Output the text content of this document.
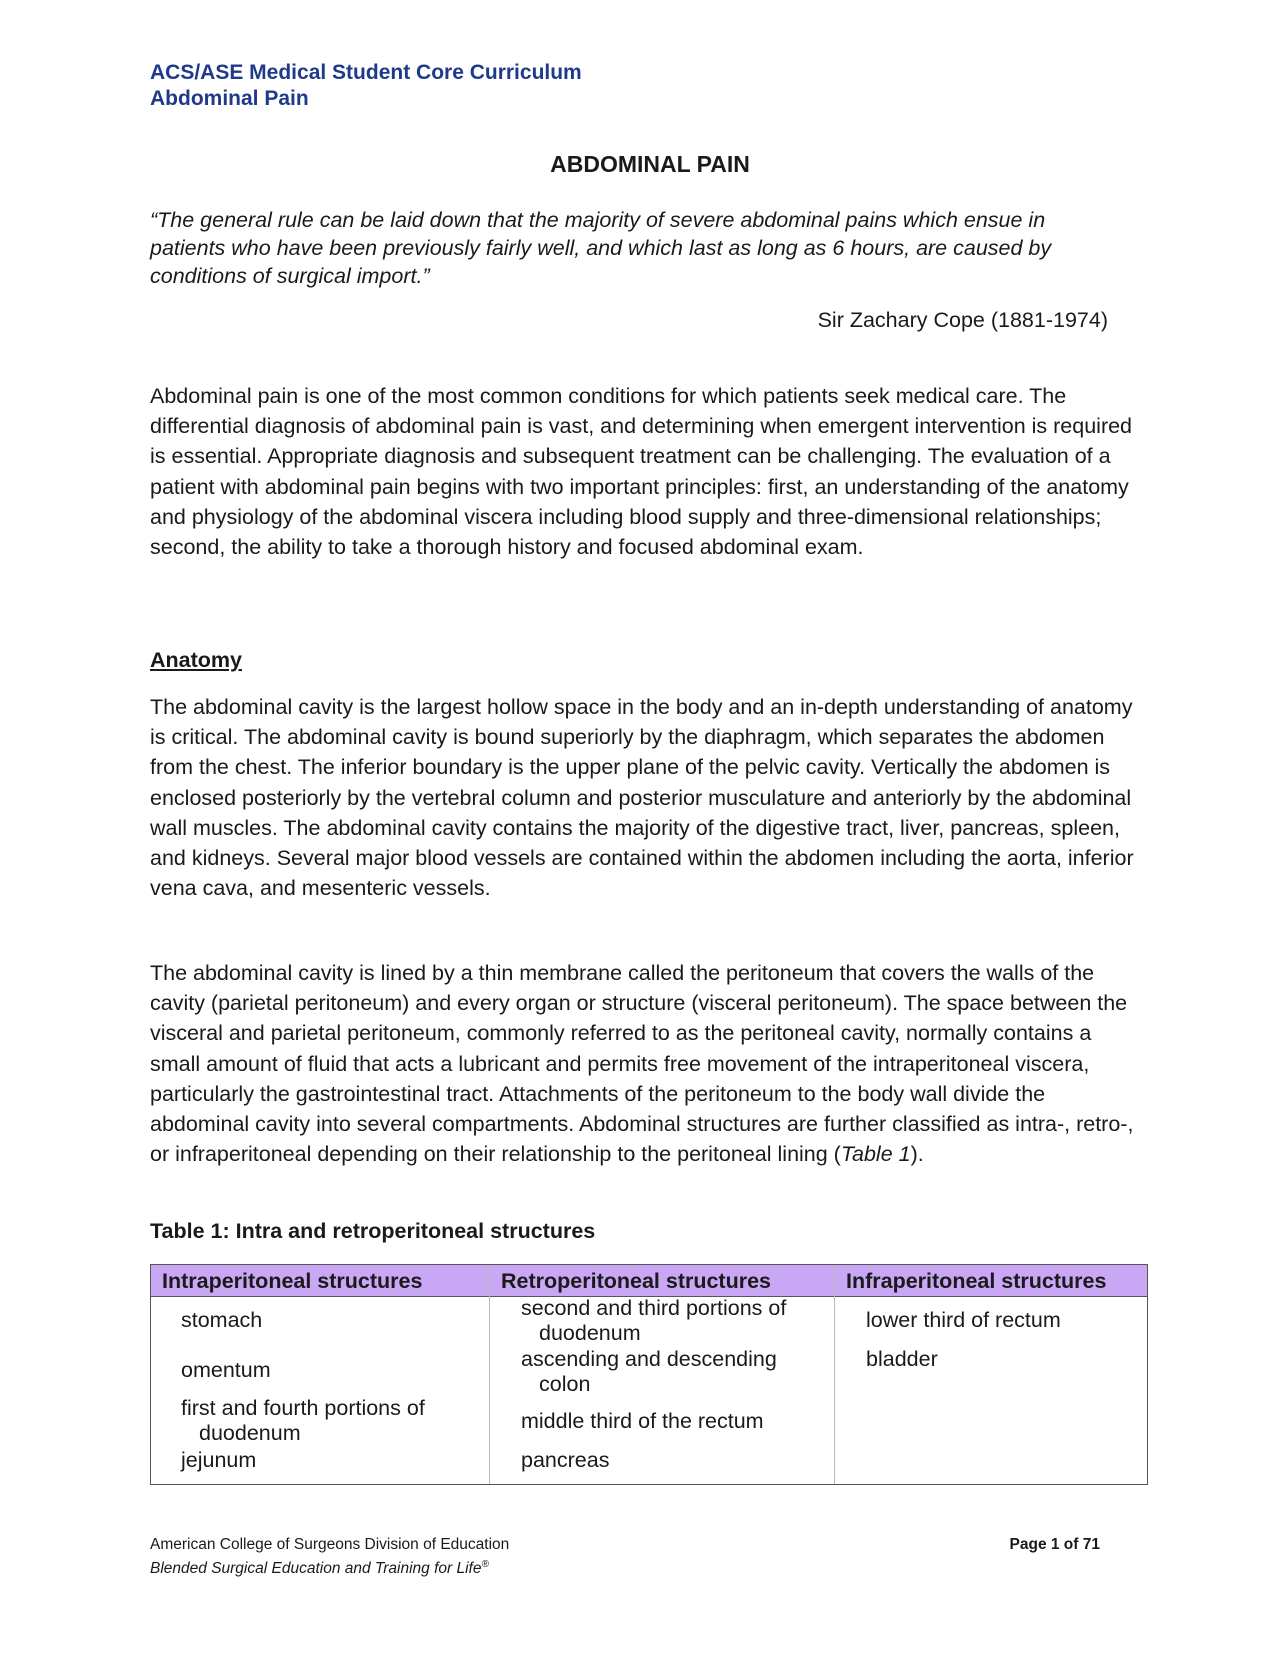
ACS/ASE Medical Student Core Curriculum
Abdominal Pain
ABDOMINAL PAIN
“The general rule can be laid down that the majority of severe abdominal pains which ensue in patients who have been previously fairly well, and which last as long as 6 hours, are caused by conditions of surgical import.”
Sir Zachary Cope (1881-1974)

Abdominal pain is one of the most common conditions for which patients seek medical care. The differential diagnosis of abdominal pain is vast, and determining when emergent intervention is required is essential. Appropriate diagnosis and subsequent treatment can be challenging. The evaluation of a patient with abdominal pain begins with two important principles: first, an understanding of the anatomy and physiology of the abdominal viscera including blood supply and three-dimensional relationships; second, the ability to take a thorough history and focused abdominal exam.

Anatomy

The abdominal cavity is the largest hollow space in the body and an in-depth understanding of anatomy is critical. The abdominal cavity is bound superiorly by the diaphragm, which separates the abdomen from the chest. The inferior boundary is the upper plane of the pelvic cavity. Vertically the abdomen is enclosed posteriorly by the vertebral column and posterior musculature and anteriorly by the abdominal wall muscles. The abdominal cavity contains the majority of the digestive tract, liver, pancreas, spleen, and kidneys. Several major blood vessels are contained within the abdomen including the aorta, inferior vena cava, and mesenteric vessels.

The abdominal cavity is lined by a thin membrane called the peritoneum that covers the walls of the cavity (parietal peritoneum) and every organ or structure (visceral peritoneum). The space between the visceral and parietal peritoneum, commonly referred to as the peritoneal cavity, normally contains a small amount of fluid that acts a lubricant and permits free movement of the intraperitoneal viscera, particularly the gastrointestinal tract. Attachments of the peritoneum to the body wall divide the abdominal cavity into several compartments. Abdominal structures are further classified as intra-, retro-, or infraperitoneal depending on their relationship to the peritoneal lining (Table 1).

Table 1: Intra and retroperitoneal structures
Intraperitoneal structures	Retroperitoneal structures	Infraperitoneal structures
stomach
omentum
first and fourth portions of
duodenum
jejunum
second and third portions of
duodenum
ascending and descending
colon
middle third of the rectum
pancreas
lower third of rectum
bladder
American College of Surgeons Division of Education
Blended Surgical Education and Training for Life®
Page 1 of 71
